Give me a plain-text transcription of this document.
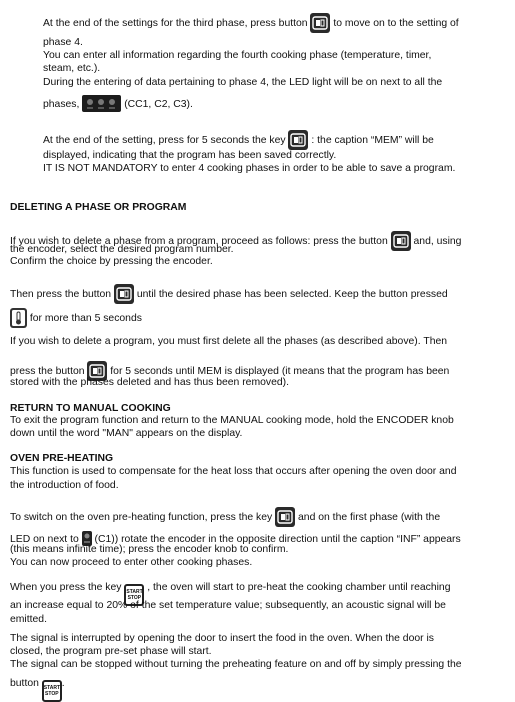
At the end of the settings for the third phase, press button to move on to the setting of
phase 4.
You can enter all information regarding the fourth cooking phase (temperature, timer,
steam, etc.).
During the entering of data pertaining to phase 4, the LED light will be on next to all the
phases,	(CC1, C2, C3).
At the end of the setting, press for 5 seconds the key : the caption “MEM” will be
displayed, indicating that the program has been saved correctly.
IT IS NOT MANDATORY to enter 4 cooking phases in order to be able to save a program.
DELETING A PHASE OR PROGRAM
If you wish to delete a phase from a program, proceed as follows: press the button and, using
the encoder, select the desired program number.
Confirm the choice by pressing the encoder.
Then press the button until the desired phase has been selected. Keep the button pressed
for more than 5 seconds
If you wish to delete a program, you must first delete all the phases (as described above). Then
press the button for 5 seconds until MEM is displayed (it means that the program has been
stored with the phases deleted and has thus been removed).
RETURN TO MANUAL COOKING
To exit the program function and return to the MANUAL cooking mode, hold the ENCODER knob
down until the word "MAN" appears on the display.
OVEN PRE-HEATING
This function is used to compensate for the heat loss that occurs after opening the oven door and
the introduction of food.
To switch on the oven pre-heating function, press the key and on the first phase (with the
LED on next to (C1)) rotate the encoder in the opposite direction until the caption “INF” appears
(this means infinite time); press the encoder knob to confirm.
You can now proceed to enter other cooking phases.
When you press the key START
STOP , the oven will start to pre-heat the cooking chamber until reaching
an increase equal to 20% of the set temperature value; subsequently, an acoustic signal will be
emitted.
The signal is interrupted by opening the door to insert the food in the oven. When the door is
closed, the program pre-set phase will start.
The signal can be stopped without turning the preheating feature on and off by simply pressing the
button START
STOP.
